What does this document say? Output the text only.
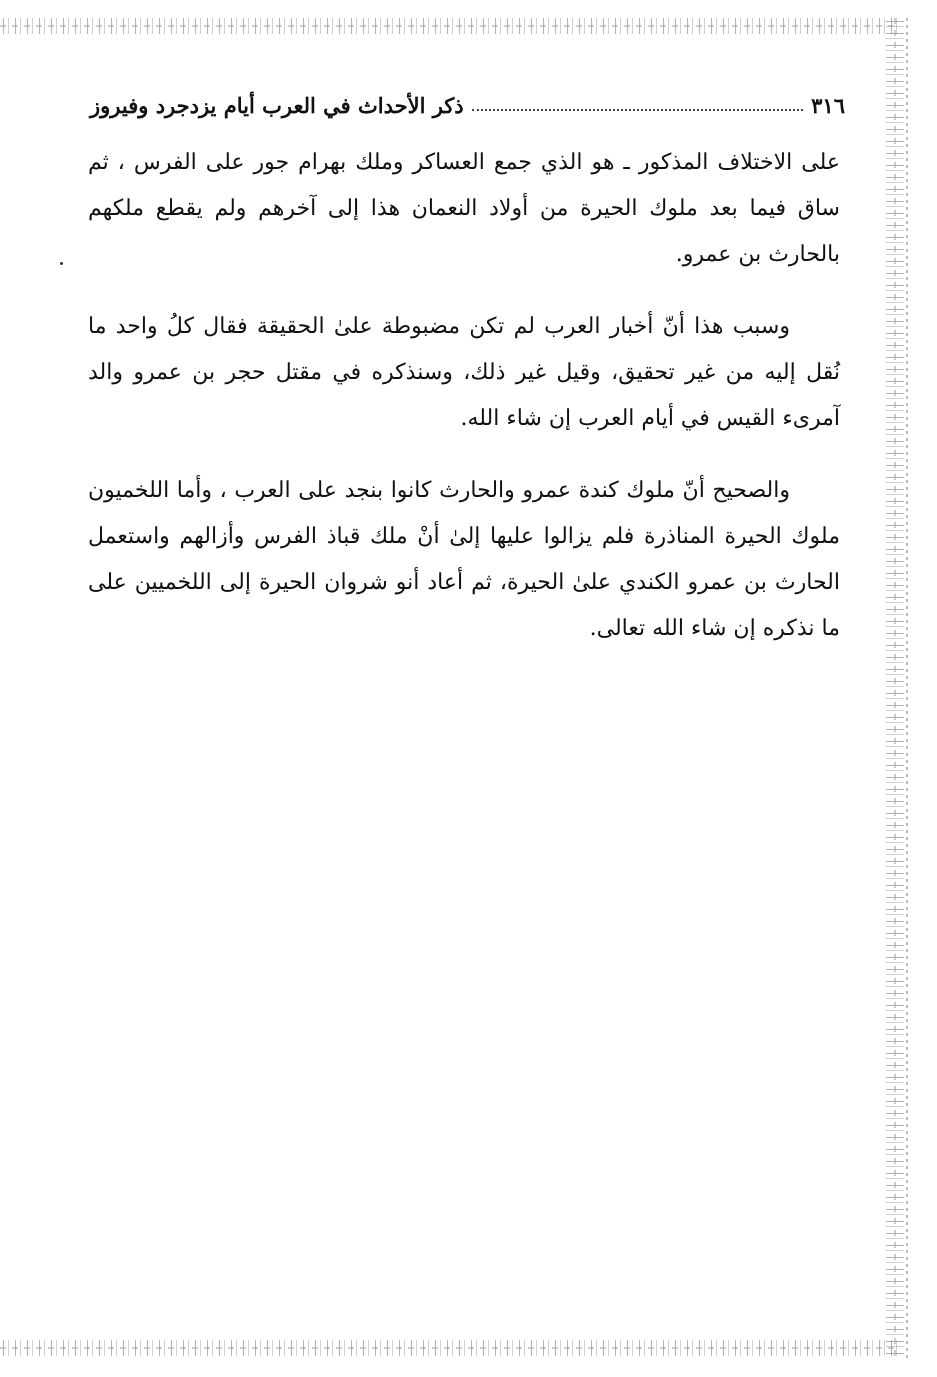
٣١٦
ذكر الأحداث في العرب أيام يزدجرد وفيروز

على الاختلاف المذكور ـ هو الذي جمع العساكر وملك بهرام جور على الفرس ، ثم ساق فيما بعد ملوك الحيرة من أولاد النعمان هذا إلى آخرهم ولم يقطع ملكهم بالحارث بن عمرو.

وسبب هذا أنّ أخبار العرب لم تكن مضبوطة علىٰ الحقيقة فقال كلُ واحد ما نُقل إليه من غير تحقيق، وقيل غير ذلك، وسنذكره في مقتل حجر بن عمرو والد آمرىء القيس في أيام العرب إن شاء الله.

والصحيح أنّ ملوك كندة عمرو والحارث كانوا بنجد على العرب ، وأما اللخميون ملوك الحيرة المناذرة فلم يزالوا عليها إلىٰ أنْ ملك قباذ الفرس وأزالهم واستعمل الحارث بن عمرو الكندي علىٰ الحيرة، ثم أعاد أنو شروان الحيرة إلى اللخميين على ما نذكره إن شاء الله تعالى.
